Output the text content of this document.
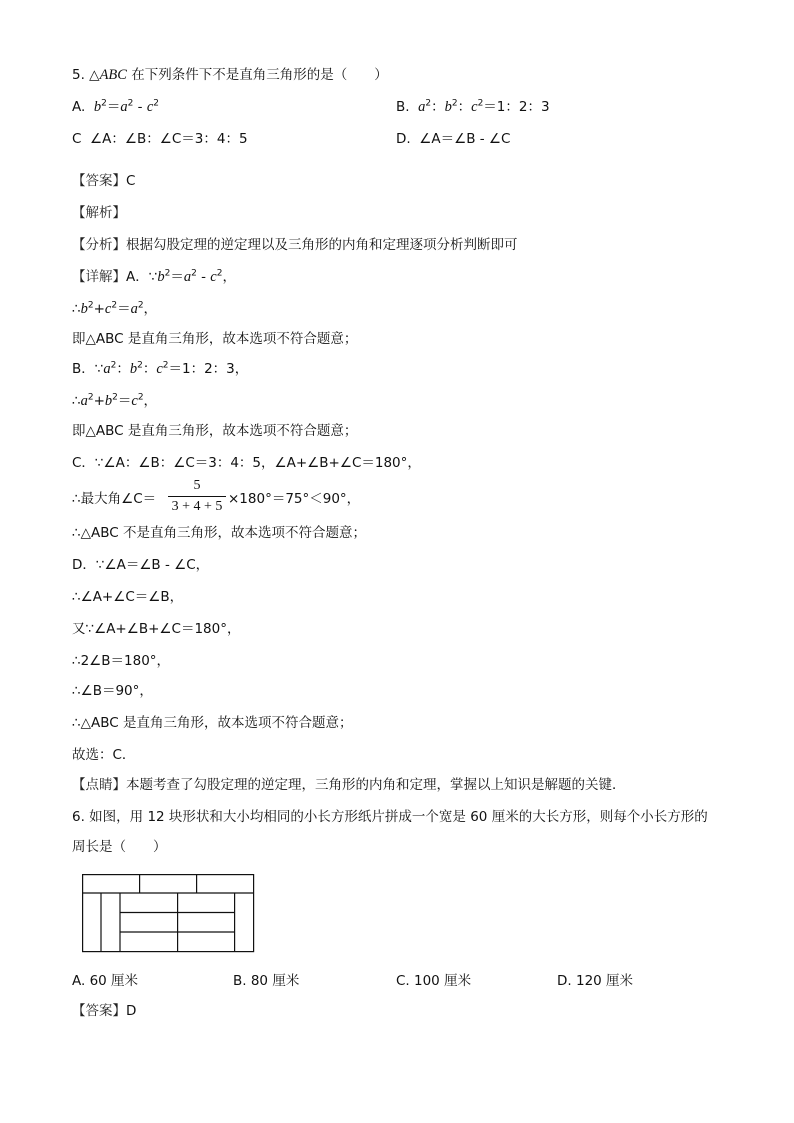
5. △ABC 在下列条件下不是直角三角形的是（　　）
A. $b^2=a^2 - c^2$	B. $a^2$：$b^2$：$c^2=1$：2：3
C ∠A：∠B：∠C＝3：4：5	D. ∠A＝∠B - ∠C
【答案】C
【解析】
【分析】根据勾股定理的逆定理以及三角形的内角和定理逐项分析判断即可
【详解】A．$\because b^2=a^2 - c^2$，
$\therefore b^2+c^2=a^2$，
即△ABC 是直角三角形，故本选项不符合题意；
B．$\because a^2$：$b^2$：$c^2=1$：2：3，
$\therefore a^2+b^2=c^2$，
即△ABC 是直角三角形，故本选项不符合题意；
C．∵∠A：∠B：∠C＝3：4：5，∠A+∠B+∠C＝180°，
∴最大角∠C＝
5
3 + 4 + 5 ×180°＝75°＜90°，
∴△ABC 不是直角三角形，故本选项不符合题意；
D．∵∠A＝∠B - ∠C，
∴∠A+∠C＝∠B，
又∵∠A+∠B+∠C＝180°，
∴2∠B＝180°，
∴∠B＝90°，
∴△ABC 是直角三角形，故本选项不符合题意；
故选：C．
【点睛】本题考查了勾股定理的逆定理，三角形的内角和定理，掌握以上知识是解题的关键．
6. 如图，用 12 块形状和大小均相同的小长方形纸片拼成一个宽是 60 厘米的大长方形，则每个小长方形的
周长是（　　）
A. 60 厘米	B. 80 厘米	C. 100 厘米	D. 120 厘米
【答案】D
